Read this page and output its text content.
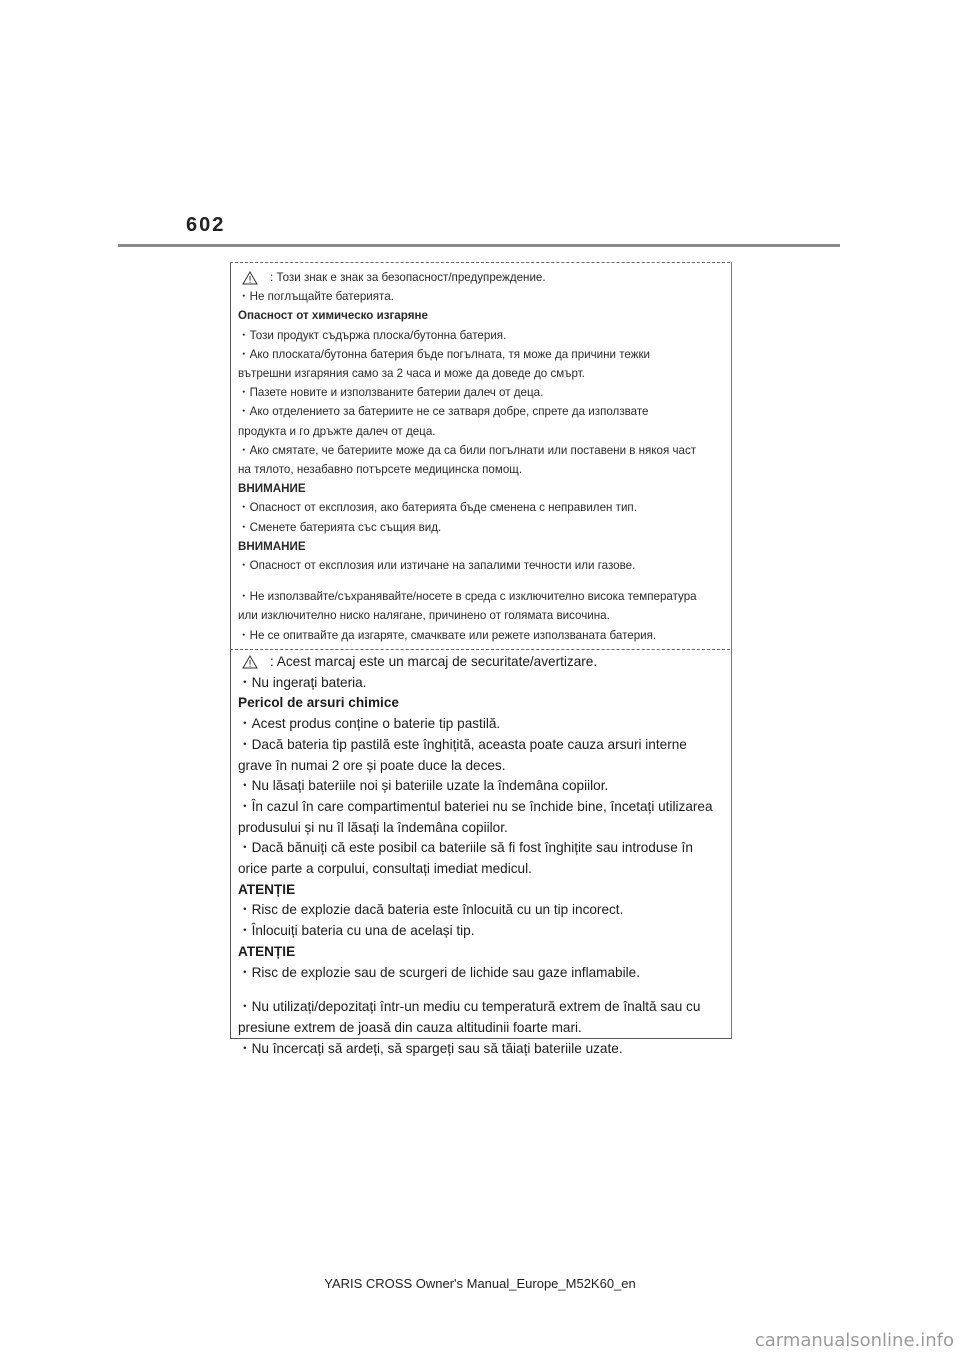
602
: Този знак е знак за безопасност/предупреждение.
・Не поглъщайте батерията.
Опасност от химическо изгаряне
・Този продукт съдържа плоска/бутонна батерия.
・Ако плоската/бутонна батерия бъде погълната, тя може да причини тежки
вътрешни изгаряния само за 2 часа и може да доведе до смърт.
・Пазете новите и използваните батерии далеч от деца.
・Ако отделението за батериите не се затваря добре, спрете да използвате
продукта и го дръжте далеч от деца.
・Ако смятате, че батериите може да са били погълнати или поставени в някоя част
на тялото, незабавно потърсете медицинска помощ.
ВНИМАНИЕ
・Опасност от експлозия, ако батерията бъде сменена с неправилен тип.
・Сменете батерията със същия вид.
ВНИМАНИЕ
・Опасност от експлозия или изтичане на запалими течности или газове.
・Не използвайте/съхранявайте/носете в среда с изключително висока температура
или изключително ниско налягане, причинено от голямата височина.
・Не се опитвайте да изгаряте, смачквате или режете използваната батерия.
: Acest marcaj este un marcaj de securitate/avertizare.
・Nu ingerați bateria.
Pericol de arsuri chimice
・Acest produs conține o baterie tip pastilă.
・Dacă bateria tip pastilă este înghițită, aceasta poate cauza arsuri interne
grave în numai 2 ore și poate duce la deces.
・Nu lăsați bateriile noi și bateriile uzate la îndemâna copiilor.
・În cazul în care compartimentul bateriei nu se închide bine, încetați utilizarea
produsului și nu îl lăsați la îndemâna copiilor.
・Dacă bănuiți că este posibil ca bateriile să fi fost înghițite sau introduse în
orice parte a corpului, consultați imediat medicul.
ATENȚIE
・Risc de explozie dacă bateria este înlocuită cu un tip incorect.
・Înlocuiți bateria cu una de același tip.
ATENȚIE
・Risc de explozie sau de scurgeri de lichide sau gaze inflamabile.
・Nu utilizați/depozitați într-un mediu cu temperatură extrem de înaltă sau cu
presiune extrem de joasă din cauza altitudinii foarte mari.
・Nu încercați să ardeți, să spargeți sau să tăiați bateriile uzate.
YARIS CROSS Owner's Manual_Europe_M52K60_en
carmanualsonline.info
